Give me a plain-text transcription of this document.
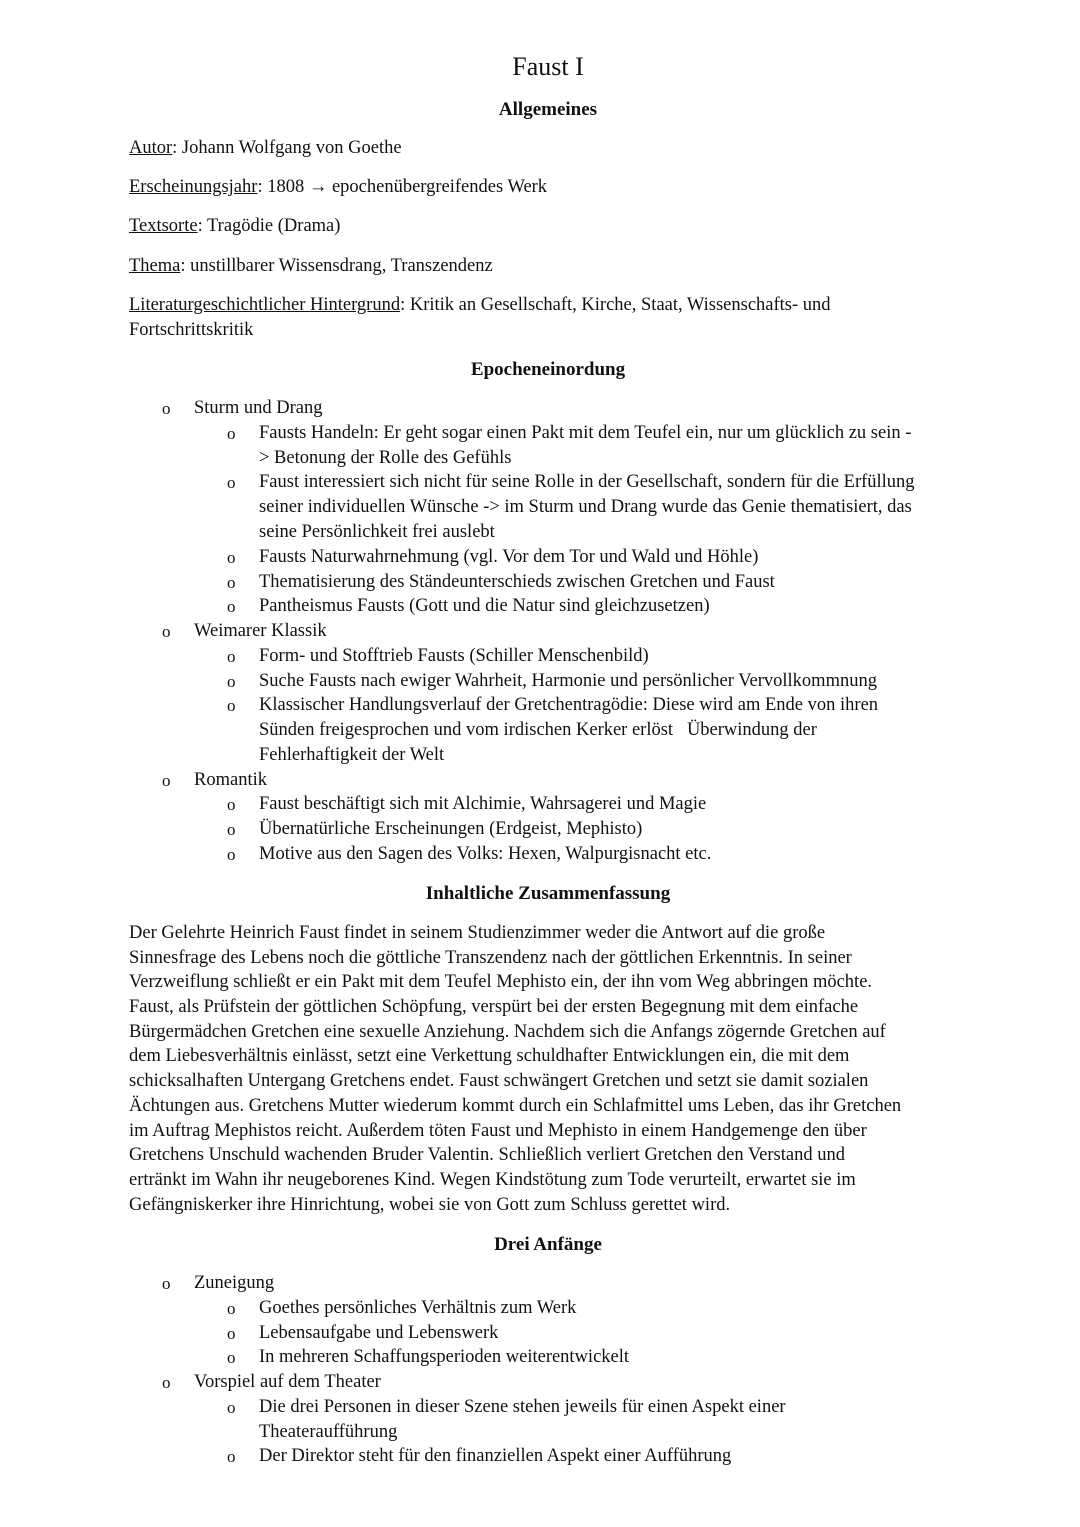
Faust I
Allgemeines
Autor: Johann Wolfgang von Goethe
Erscheinungsjahr: 1808 → epochenübergreifendes Werk
Textsorte: Tragödie (Drama)
Thema: unstillbarer Wissensdrang, Transzendenz
Literaturgeschichtlicher Hintergrund: Kritik an Gesellschaft, Kirche, Staat, Wissenschafts- und
Fortschrittskritik
Epocheneinordung
o Sturm und Drang
o Fausts Handeln: Er geht sogar einen Pakt mit dem Teufel ein, nur um glücklich zu sein -
> Betonung der Rolle des Gefühls
o Faust interessiert sich nicht für seine Rolle in der Gesellschaft, sondern für die Erfüllung
seiner individuellen Wünsche -> im Sturm und Drang wurde das Genie thematisiert, das
seine Persönlichkeit frei auslebt
o Fausts Naturwahrnehmung (vgl. Vor dem Tor und Wald und Höhle)
o Thematisierung des Ständeunterschieds zwischen Gretchen und Faust
o Pantheismus Fausts (Gott und die Natur sind gleichzusetzen)
o Weimarer Klassik
o Form- und Stofftrieb Fausts (Schiller Menschenbild)
o Suche Fausts nach ewiger Wahrheit, Harmonie und persönlicher Vervollkommnung
o Klassischer Handlungsverlauf der Gretchentragödie: Diese wird am Ende von ihren
Sünden freigesprochen und vom irdischen Kerker erlöst   Überwindung der
Fehlerhaftigkeit der Welt
o Romantik
o Faust beschäftigt sich mit Alchimie, Wahrsagerei und Magie
o Übernatürliche Erscheinungen (Erdgeist, Mephisto)
o Motive aus den Sagen des Volks: Hexen, Walpurgisnacht etc.
Inhaltliche Zusammenfassung
Der Gelehrte Heinrich Faust findet in seinem Studienzimmer weder die Antwort auf die große
Sinnesfrage des Lebens noch die göttliche Transzendenz nach der göttlichen Erkenntnis. In seiner
Verzweiflung schließt er ein Pakt mit dem Teufel Mephisto ein, der ihn vom Weg abbringen möchte.
Faust, als Prüfstein der göttlichen Schöpfung, verspürt bei der ersten Begegnung mit dem einfache
Bürgermädchen Gretchen eine sexuelle Anziehung. Nachdem sich die Anfangs zögernde Gretchen auf
dem Liebesverhältnis einlässt, setzt eine Verkettung schuldhafter Entwicklungen ein, die mit dem
schicksalhaften Untergang Gretchens endet. Faust schwängert Gretchen und setzt sie damit sozialen
Ächtungen aus. Gretchens Mutter wiederum kommt durch ein Schlafmittel ums Leben, das ihr Gretchen
im Auftrag Mephistos reicht. Außerdem töten Faust und Mephisto in einem Handgemenge den über
Gretchens Unschuld wachenden Bruder Valentin. Schließlich verliert Gretchen den Verstand und
ertränkt im Wahn ihr neugeborenes Kind. Wegen Kindstötung zum Tode verurteilt, erwartet sie im
Gefängniskerker ihre Hinrichtung, wobei sie von Gott zum Schluss gerettet wird.
Drei Anfänge
o Zuneigung
o Goethes persönliches Verhältnis zum Werk
o Lebensaufgabe und Lebenswerk
o In mehreren Schaffungsperioden weiterentwickelt
o Vorspiel auf dem Theater
o Die drei Personen in dieser Szene stehen jeweils für einen Aspekt einer
Theateraufführung
o Der Direktor steht für den finanziellen Aspekt einer Aufführung
